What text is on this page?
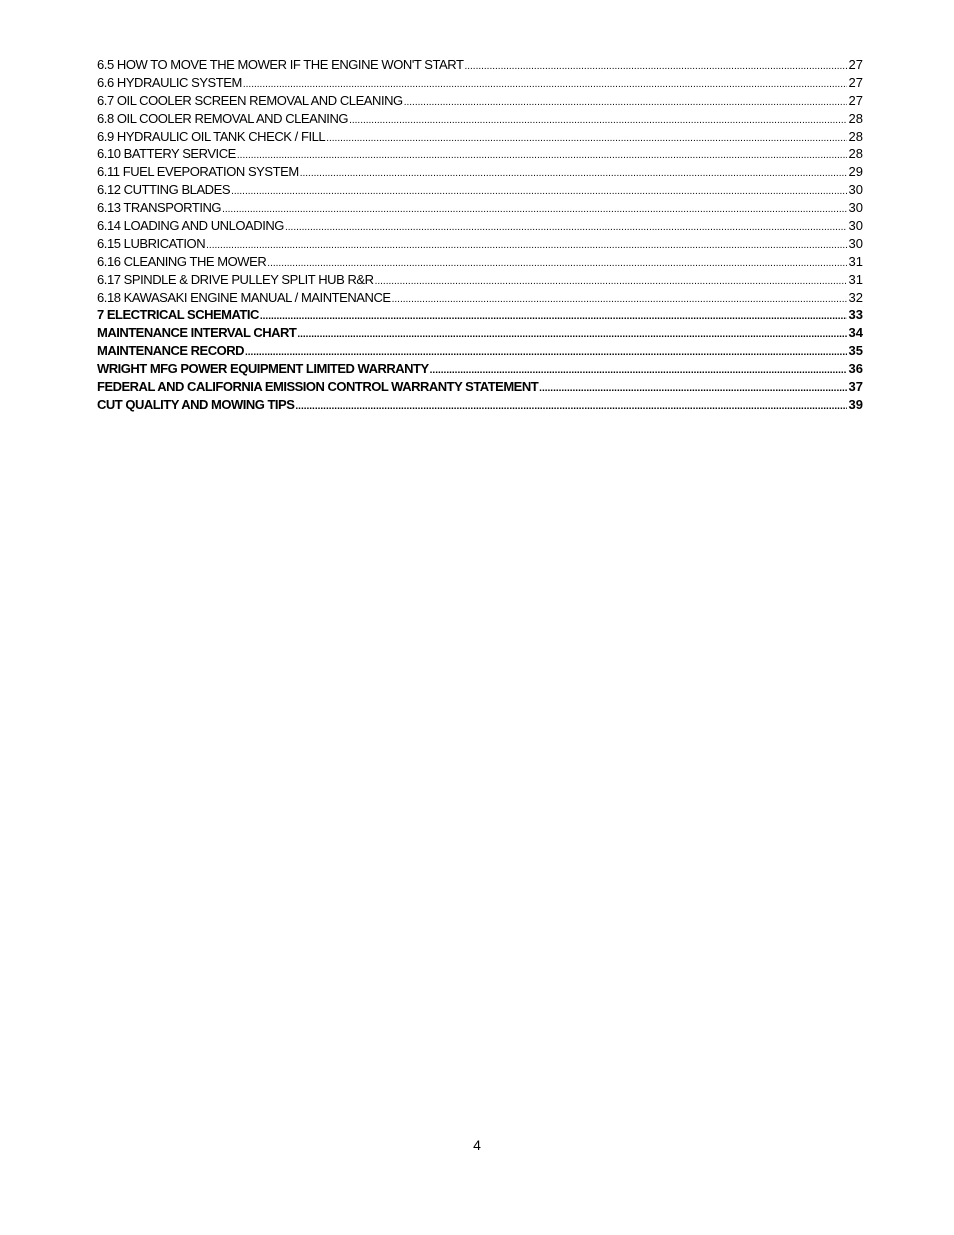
6.5 HOW TO MOVE THE MOWER IF THE ENGINE WON'T START .....	27
6.6 HYDRAULIC SYSTEM .....	27
6.7 OIL COOLER SCREEN REMOVAL AND CLEANING .....	27
6.8 OIL COOLER REMOVAL AND CLEANING .....	28
6.9 HYDRAULIC OIL TANK CHECK / FILL .....	28
6.10 BATTERY SERVICE .....	28
6.11 FUEL EVEPORATION SYSTEM .....	29
6.12 CUTTING BLADES .....	30
6.13 TRANSPORTING .....	30
6.14 LOADING AND UNLOADING .....	30
6.15 LUBRICATION .....	30
6.16 CLEANING THE MOWER .....	31
6.17 SPINDLE & DRIVE PULLEY SPLIT HUB R&R .....	31
6.18 KAWASAKI ENGINE MANUAL / MAINTENANCE .....	32
7 ELECTRICAL SCHEMATIC .....	33
MAINTENANCE INTERVAL CHART .....	34
MAINTENANCE RECORD .....	35
WRIGHT MFG POWER EQUIPMENT LIMITED WARRANTY .....	36
FEDERAL AND CALIFORNIA EMISSION CONTROL WARRANTY STATEMENT .....	37
CUT QUALITY AND MOWING TIPS .....	39
4
